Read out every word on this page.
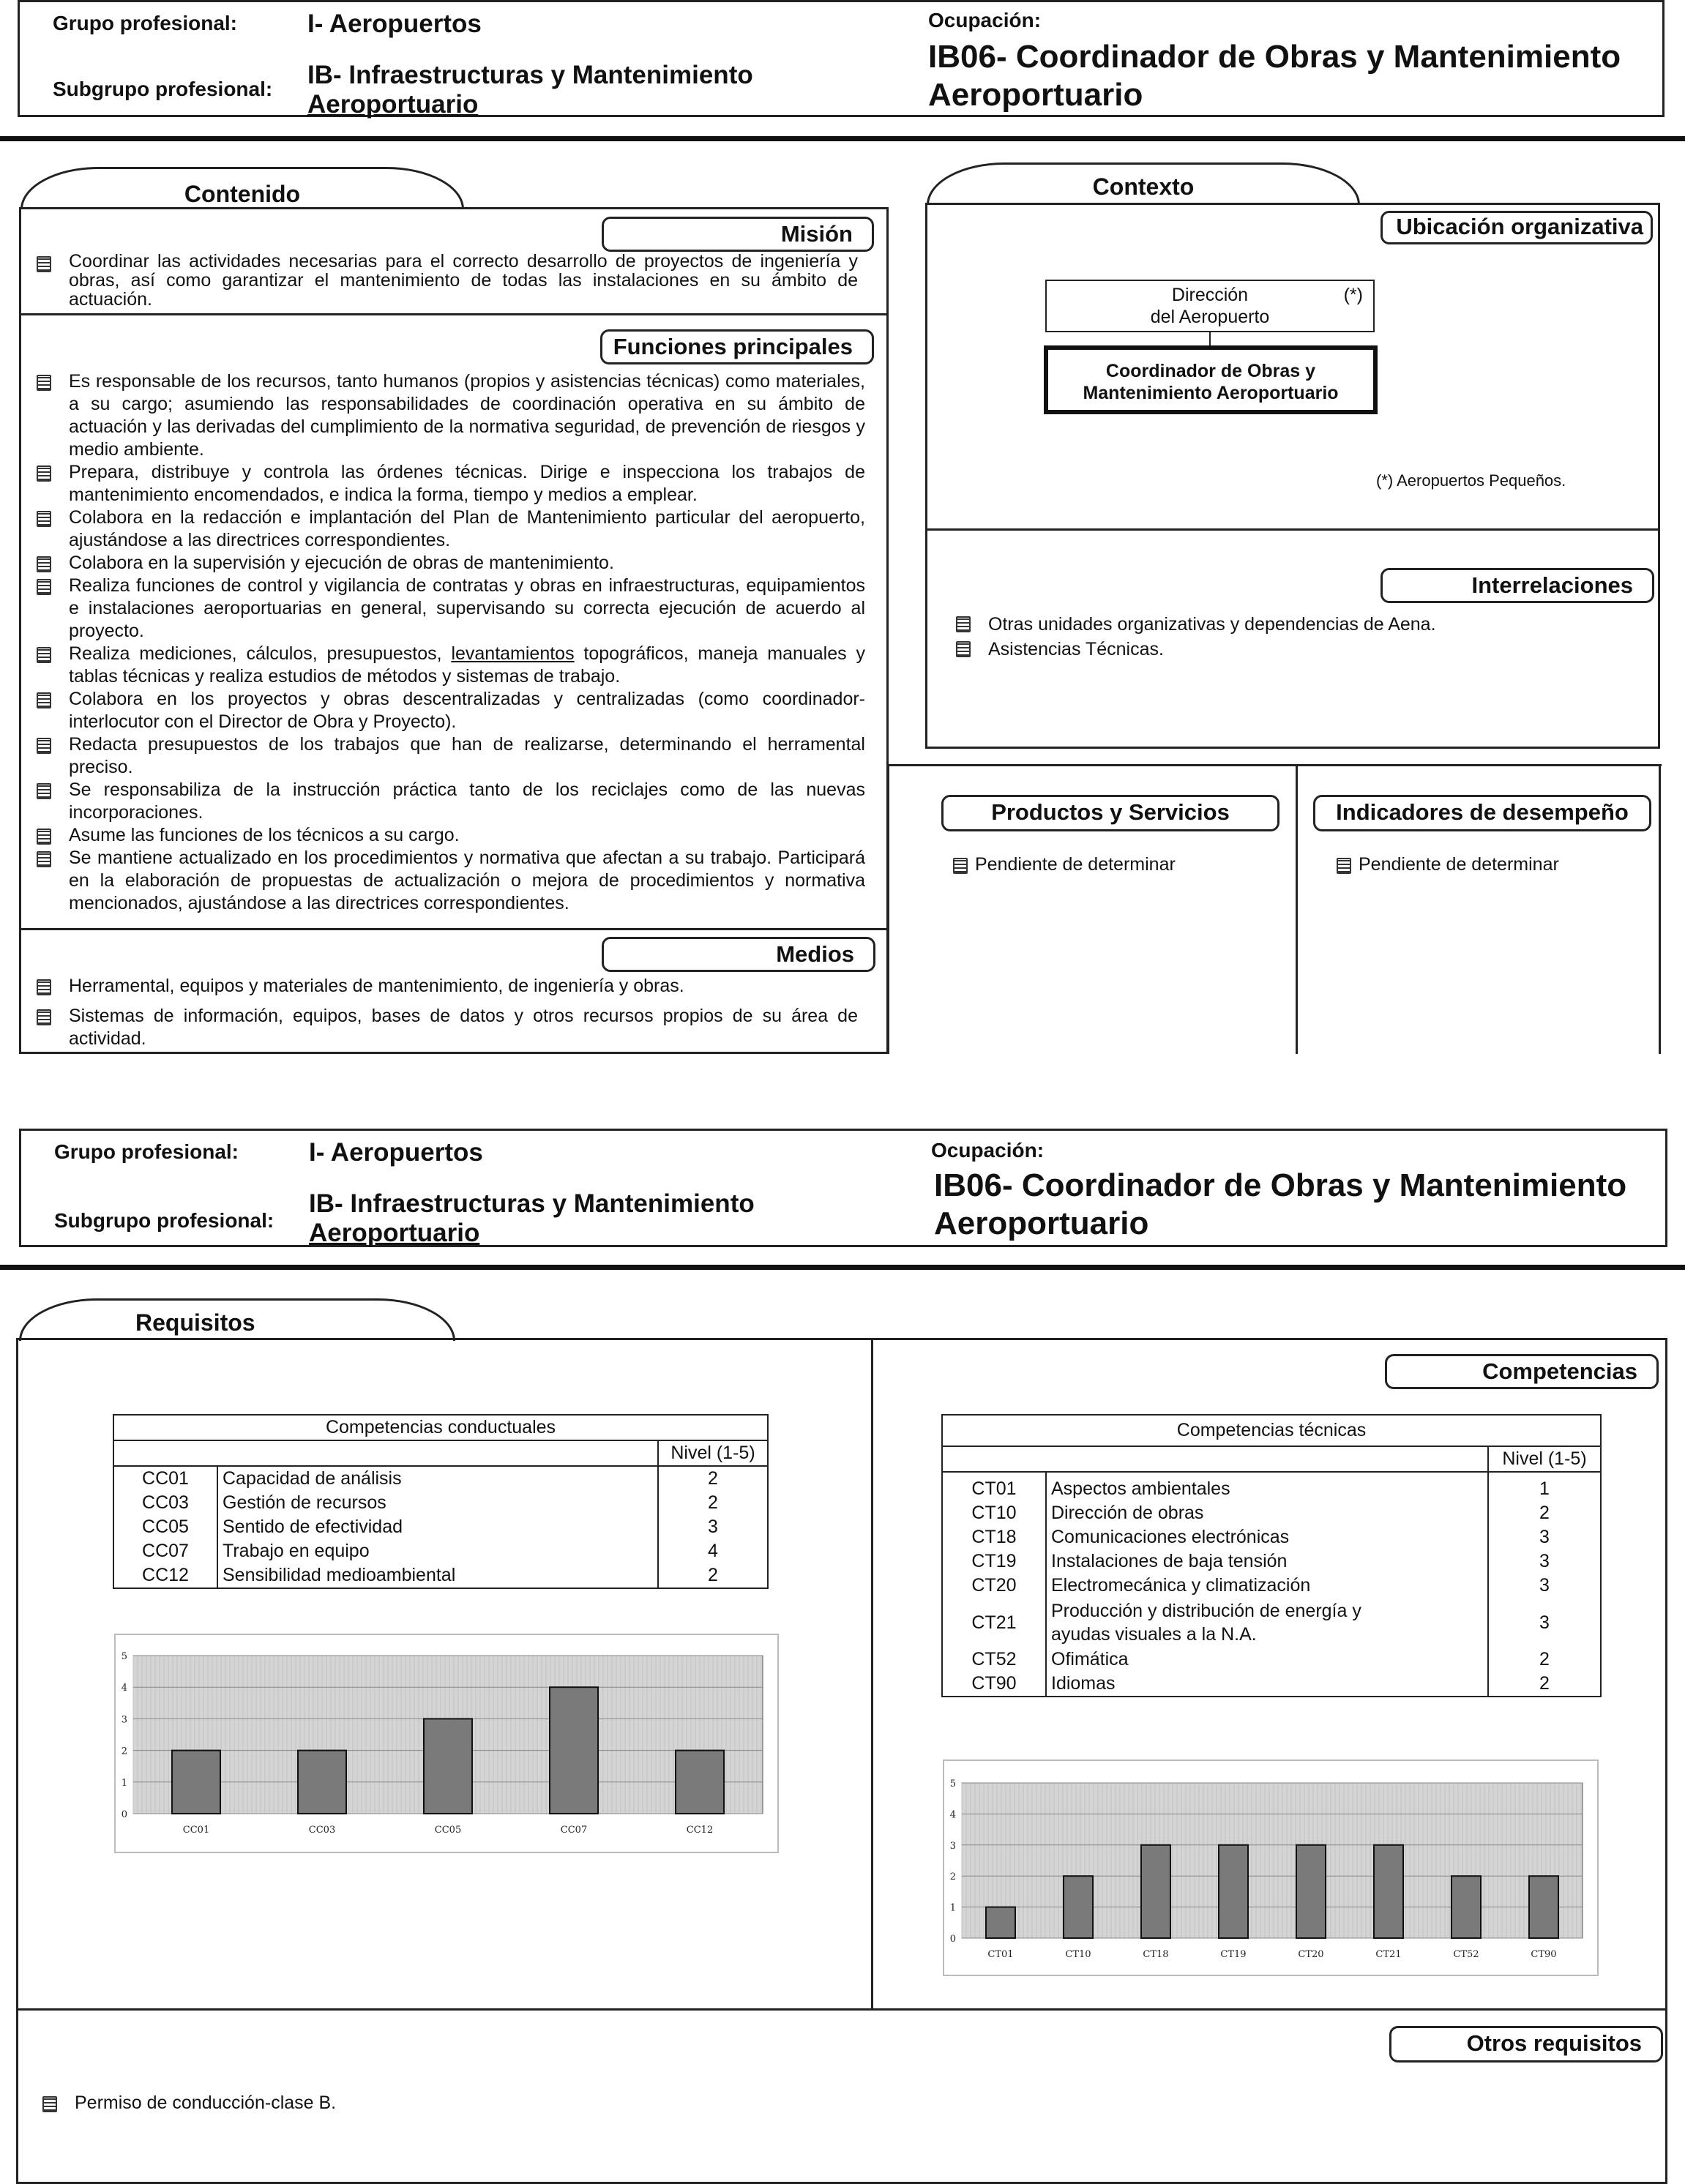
Grupo profesional:	I- Aeropuertos
Subgrupo profesional: IB- Infraestructuras y Mantenimiento
Aeroportuario
Ocupación:
IB06- Coordinador de Obras y Mantenimiento
Aeroportuario
Contenido
Misión
Coordinar las actividades necesarias para el correcto desarrollo de proyectos de ingeniería y obras, así como garantizar el mantenimiento de todas las instalaciones en su ámbito de actuación.
Funciones principales
Es responsable de los recursos, tanto humanos (propios y asistencias técnicas) como materiales, a su cargo; asumiendo las responsabilidades de coordinación operativa en su ámbito de actuación y las derivadas del cumplimiento de la normativa seguridad, de prevención de riesgos y medio ambiente.
Prepara, distribuye y controla las órdenes técnicas. Dirige e inspecciona los trabajos de mantenimiento encomendados, e indica la forma, tiempo y medios a emplear.
Colabora en la redacción e implantación del Plan de Mantenimiento particular del aeropuerto, ajustándose a las directrices correspondientes.
Colabora en la supervisión y ejecución de obras de mantenimiento.
Realiza funciones de control y vigilancia de contratas y obras en infraestructuras, equipamientos e instalaciones aeroportuarias en general, supervisando su correcta ejecución de acuerdo al proyecto.
Realiza mediciones, cálculos, presupuestos, levantamientos topográficos, maneja manuales y tablas técnicas y realiza estudios de métodos y sistemas de trabajo.
Colabora en los proyectos y obras descentralizadas y centralizadas (como coordinador-interlocutor con el Director de Obra y Proyecto).
Redacta presupuestos de los trabajos que han de realizarse, determinando el herramental preciso.
Se responsabiliza de la instrucción práctica tanto de los reciclajes como de las nuevas incorporaciones.
Asume las funciones de los técnicos a su cargo.
Se mantiene actualizado en los procedimientos y normativa que afectan a su trabajo. Participará en la elaboración de propuestas de actualización o mejora de procedimientos y normativa mencionados, ajustándose a las directrices correspondientes.
Medios
Herramental, equipos y materiales de mantenimiento, de ingeniería y obras.
Sistemas de información, equipos, bases de datos y otros recursos propios de su área de actividad.
Contexto
Ubicación organizativa
Dirección
del Aeropuerto
(*)
Coordinador de Obras y
Mantenimiento Aeroportuario
(*) Aeropuertos Pequeños.
Interrelaciones
Otras unidades organizativas y dependencias de Aena.
Asistencias Técnicas.
Productos y Servicios
Pendiente de determinar
Indicadores de desempeño
Pendiente de determinar
Grupo profesional:	I- Aeropuertos
Subgrupo profesional:
IB- Infraestructuras y Mantenimiento
Aeroportuario
Ocupación:
IB06- Coordinador de Obras y Mantenimiento
Aeroportuario
Requisitos
Competencias
Competencias conductuales		
		Nivel (1-5)
CC01	Capacidad de análisis	2
CC03	Gestión de recursos	2
CC05	Sentido de efectividad	3
CC07	Trabajo en equipo	4
CC12	Sensibilidad medioambiental	2
Competencias técnicas		
		Nivel (1-5)
CT01	Aspectos ambientales	1
CT10	Dirección de obras	2
CT18	Comunicaciones electrónicas	3
CT19	Instalaciones de baja tensión	3
CT20	Electromecánica y climatización	3
CT21	Producción y distribución de energía y
ayudas visuales a la N.A.	3
CT52	Ofimática	2
CT90	Idiomas	2
0
1
2
3
4
5
CC01	CC03	CC05	CC07	CC12
0
1
2
3
4
5
CT01	CT10	CT18	CT19	CT20	CT21	CT52	CT90
Otros requisitos
Permiso de conducción-clase B.
